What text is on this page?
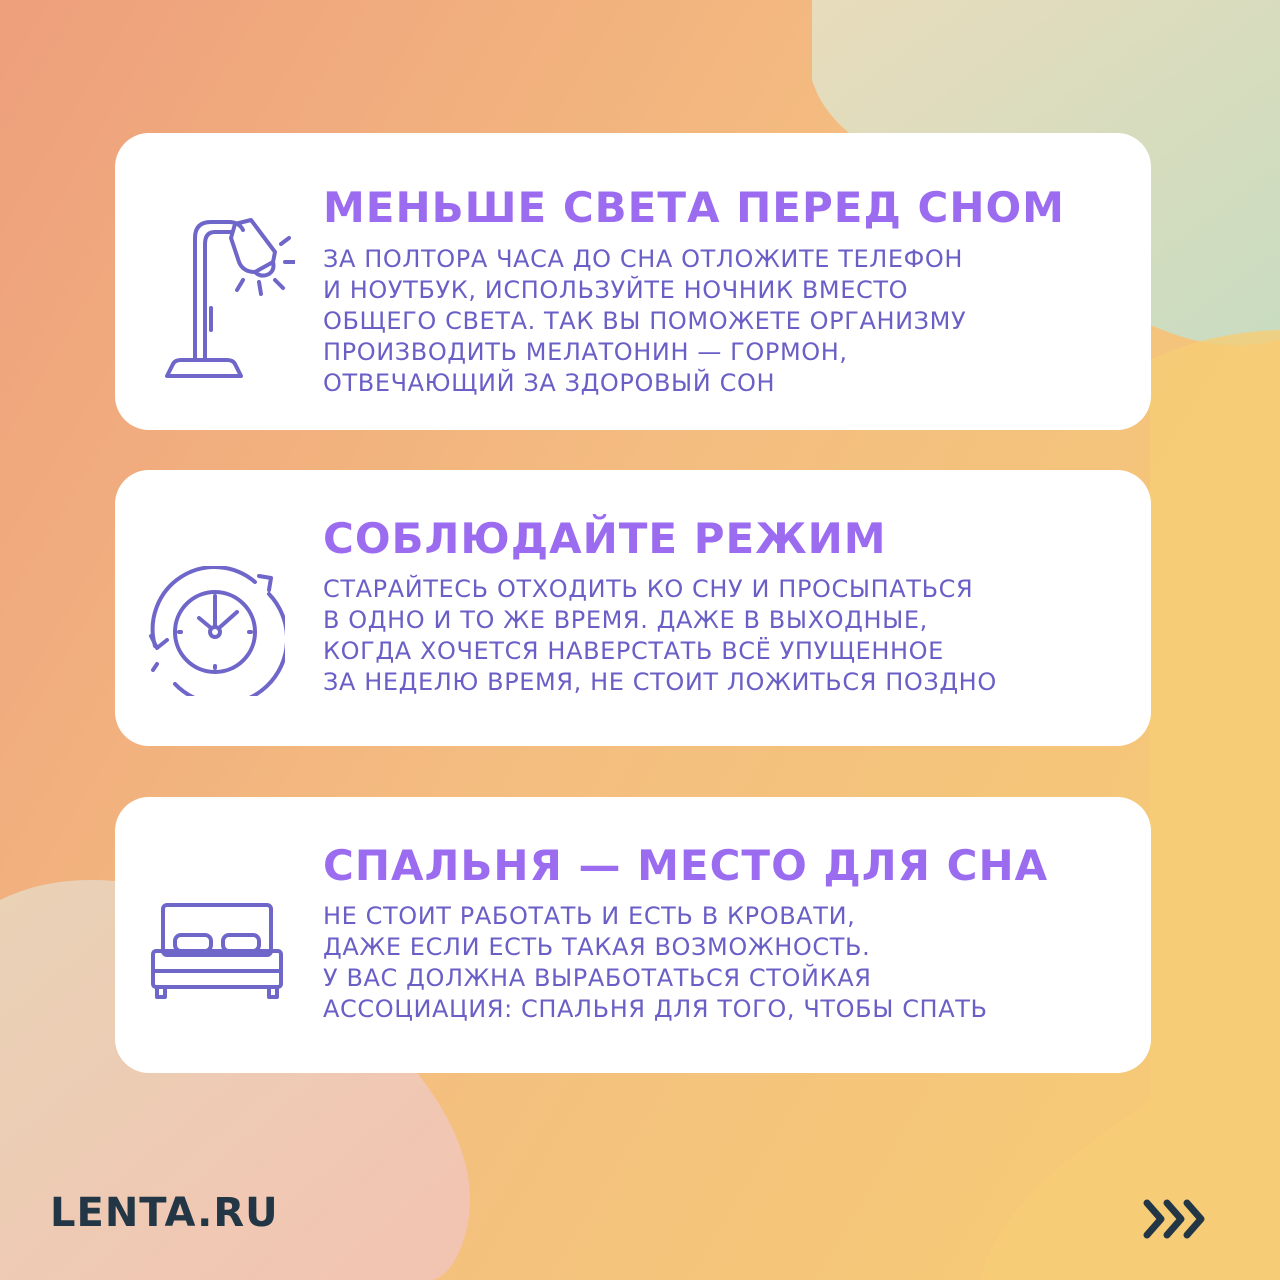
МЕНЬШЕ СВЕТА ПЕРЕД СНОМ

ЗА ПОЛТОРА ЧАСА ДО СНА ОТЛОЖИТЕ ТЕЛЕФОН
И НОУТБУК, ИСПОЛЬЗУЙТЕ НОЧНИК ВМЕСТО
ОБЩЕГО СВЕТА. ТАК ВЫ ПОМОЖЕТЕ ОРГАНИЗМУ
ПРОИЗВОДИТЬ МЕЛАТОНИН — ГОРМОН,
ОТВЕЧАЮЩИЙ ЗА ЗДОРОВЫЙ СОН

СОБЛЮДАЙТЕ РЕЖИМ

СТАРАЙТЕСЬ ОТХОДИТЬ КО СНУ И ПРОСЫПАТЬСЯ
В ОДНО И ТО ЖЕ ВРЕМЯ. ДАЖЕ В ВЫХОДНЫЕ,
КОГДА ХОЧЕТСЯ НАВЕРСТАТЬ ВСЁ УПУЩЕННОЕ
ЗА НЕДЕЛЮ ВРЕМЯ, НЕ СТОИТ ЛОЖИТЬСЯ ПОЗДНО

СПАЛЬНЯ — МЕСТО ДЛЯ СНА

НЕ СТОИТ РАБОТАТЬ И ЕСТЬ В КРОВАТИ,
ДАЖЕ ЕСЛИ ЕСТЬ ТАКАЯ ВОЗМОЖНОСТЬ.
У ВАС ДОЛЖНА ВЫРАБОТАТЬСЯ СТОЙКАЯ
АССОЦИАЦИЯ: СПАЛЬНЯ ДЛЯ ТОГО, ЧТОБЫ СПАТЬ

LΕNTA.RU
